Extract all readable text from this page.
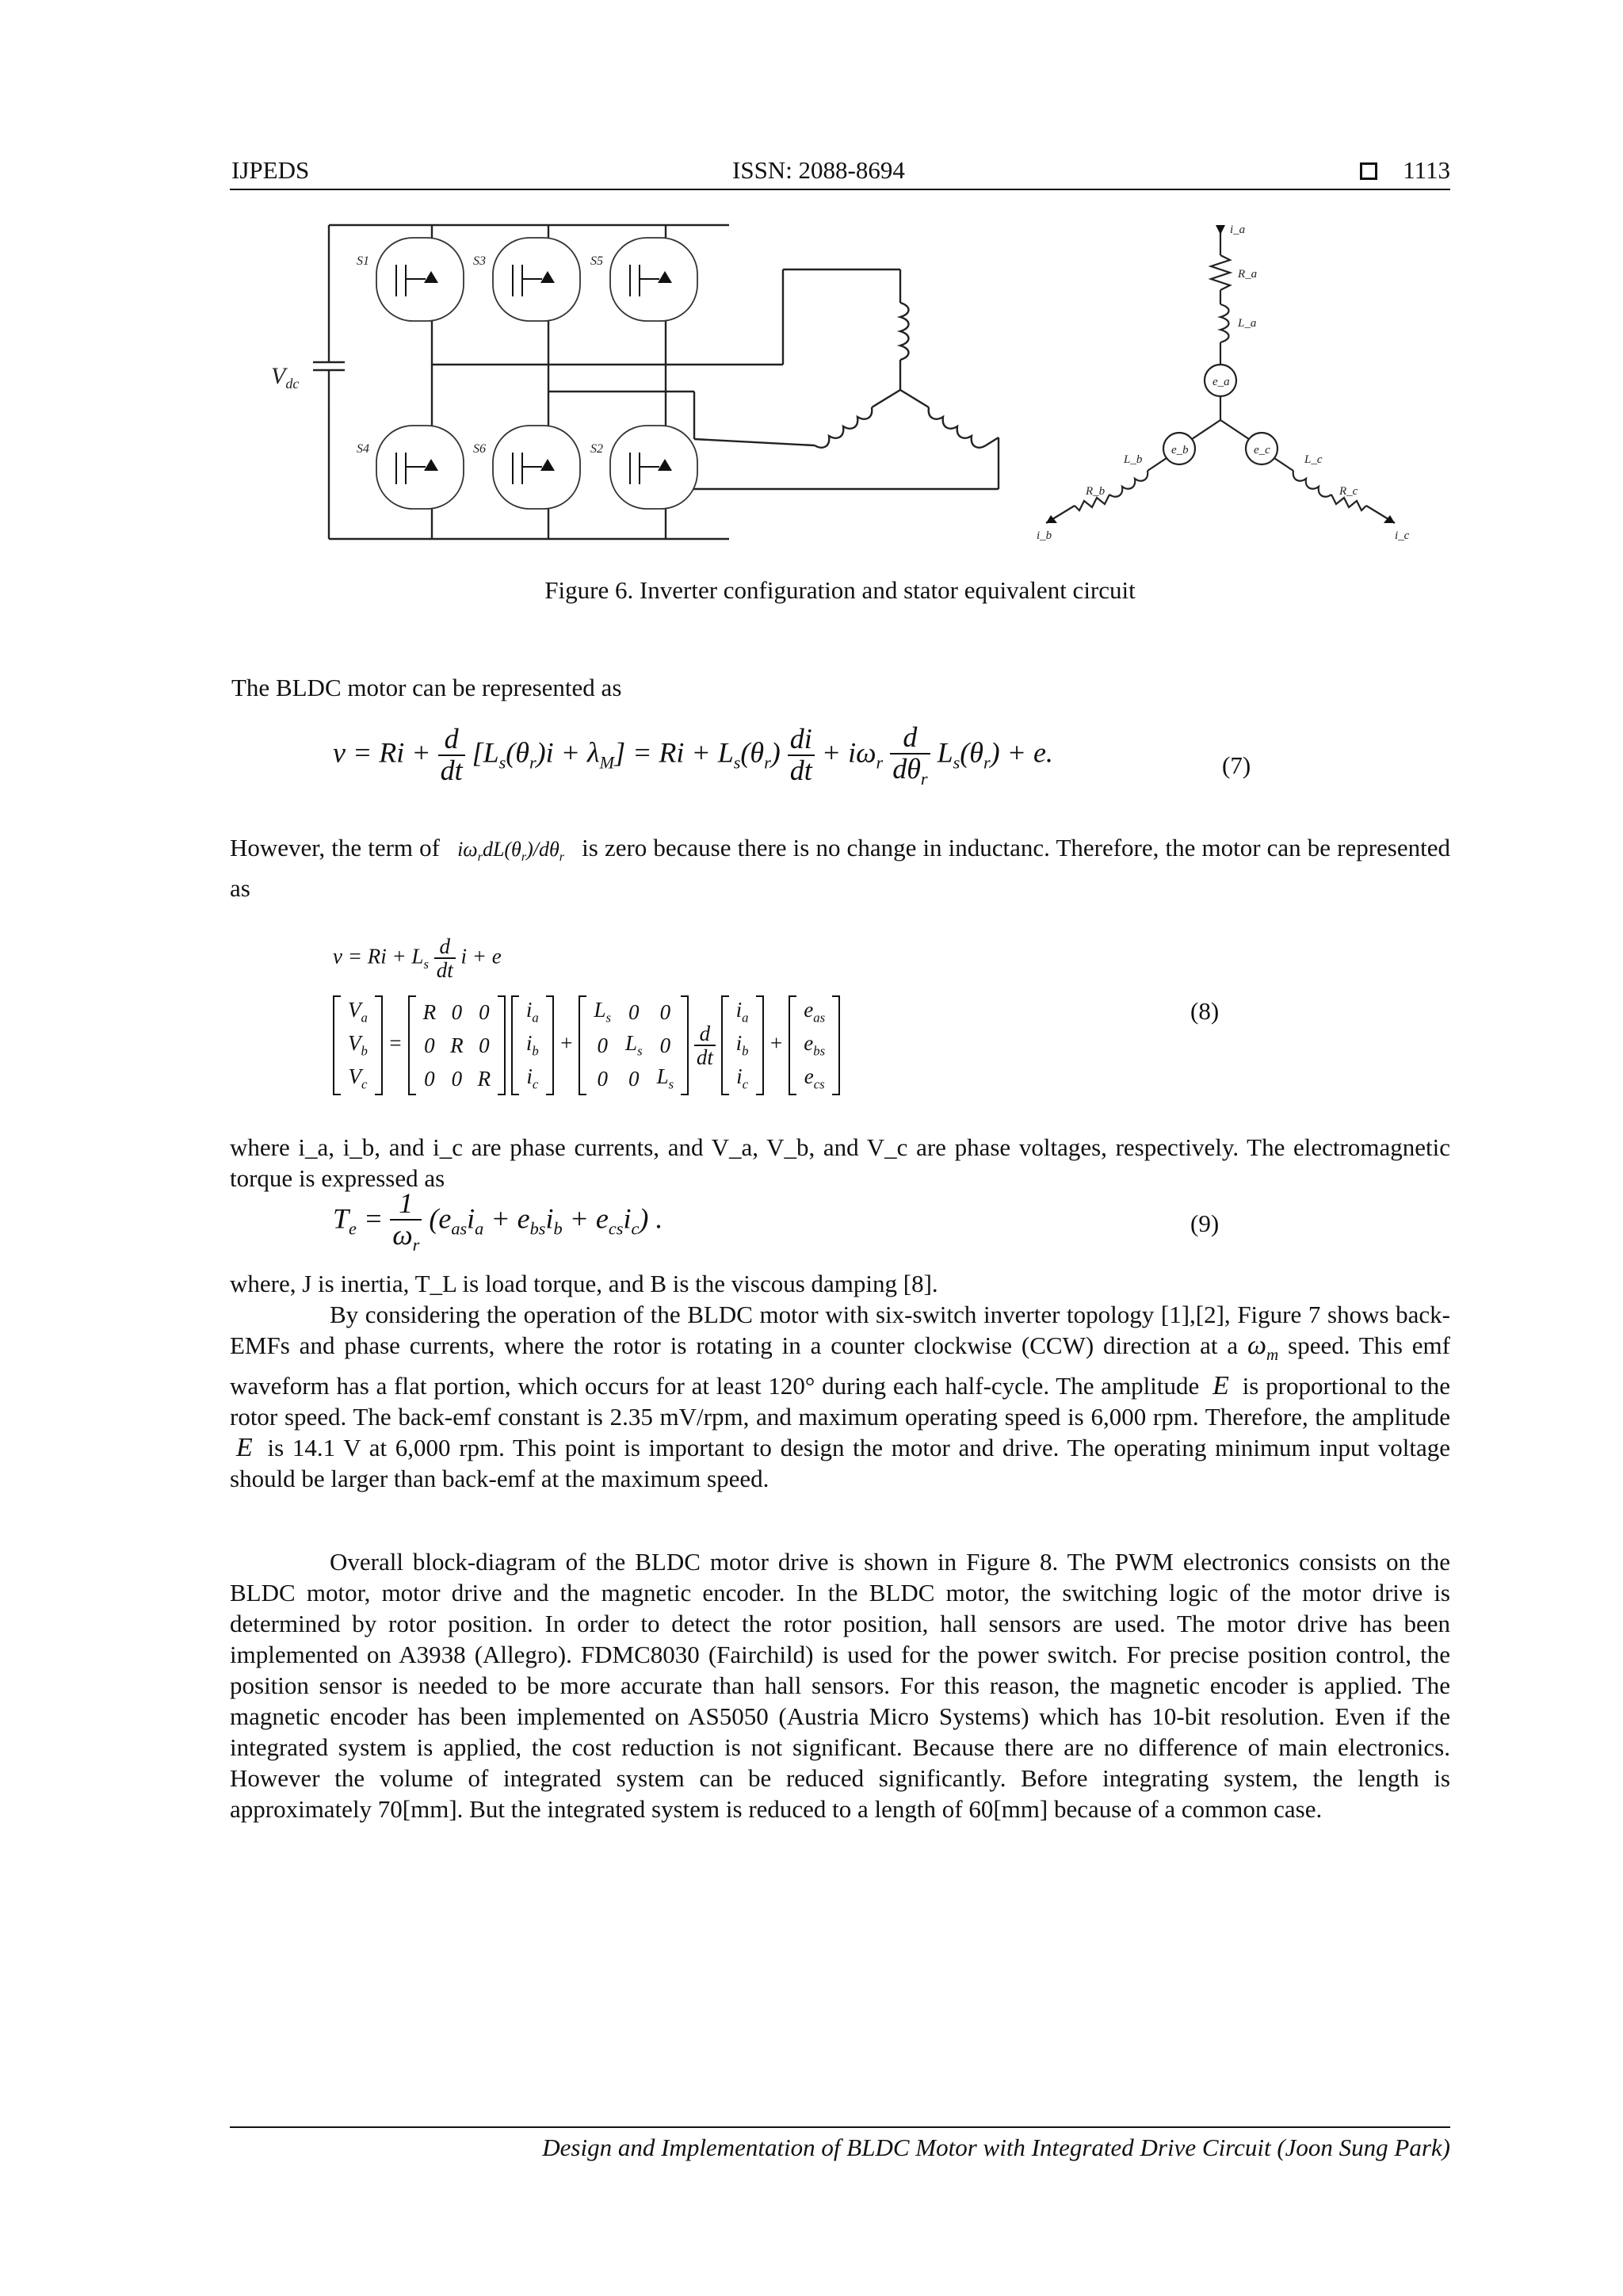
IJPEDS	ISSN: 2088-8694	1113
$V_{dc}$
S1	S3	S5
S4	S6	S2
i_a
R_a
L_a
e_a
e_b	e_c
L_b	L_c
R_b	R_c
i_b	i_c
Figure 6. Inverter configuration and stator equivalent circuit
The BLDC motor can be represented as
$v = Ri + \frac{d}{dt} [L_s(\theta_r)i + \lambda_M] = Ri + L_s(\theta_r) \frac{di}{dt} + i\omega_r \frac{d}{d\theta_r} L_s(\theta_r) + e$.	(7)
However, the term of $i\omega_rdL(\theta_r)/d\theta_r$ is zero because there is no change in inductanc. Therefore, the motor can be represented as
$v = Ri + L_s \frac{d}{dt}$ i + e
$V_a$
$V_b$
$V_c$
=
R	0	0
0	R	0
0	0	R

$i_a$
$i_b$
$i_c$
+
$L_s$	0	0
0	$L_s$	0
0	0	$L_s$

$\frac{d}{dt}$

$i_a$
$i_b$
$i_c$
+
$e_{as}$
$e_{bs}$
$e_{cs}$
(8)
where i_a, i_b, and i_c are phase currents, and V_a, V_b, and V_c are phase voltages, respectively. The electromagnetic torque is expressed as
$T_e = \frac{1}{\omega_r} (e_{as}i_a + e_{bs}i_b + e_{cs}i_c)$ .	(9)
where, J is inertia, T_L is load torque, and B is the viscous damping [8].
By considering the operation of the BLDC motor with six-switch inverter topology [1],[2], Figure 7 shows back-EMFs and phase currents, where the rotor is rotating in a counter clockwise (CCW) direction at a $\omega_m$ speed. This emf waveform has a flat portion, which occurs for at least 120° during each half-cycle. The amplitude E is proportional to the rotor speed. The back-emf constant is 2.35 mV/rpm, and maximum operating speed is 6,000 rpm. Therefore, the amplitude E is 14.1 V at 6,000 rpm. This point is important to design the motor and drive. The operating minimum input voltage should be larger than back-emf at the maximum speed.
Overall block-diagram of the BLDC motor drive is shown in Figure 8. The PWM electronics consists on the BLDC motor, motor drive and the magnetic encoder. In the BLDC motor, the switching logic of the motor drive is determined by rotor position. In order to detect the rotor position, hall sensors are used. The motor drive has been implemented on A3938 (Allegro). FDMC8030 (Fairchild) is used for the power switch. For precise position control, the position sensor is needed to be more accurate than hall sensors. For this reason, the magnetic encoder is applied. The magnetic encoder has been implemented on AS5050 (Austria Micro Systems) which has 10-bit resolution. Even if the integrated system is applied, the cost reduction is not significant. Because there are no difference of main electronics. However the volume of integrated system can be reduced significantly. Before integrating system, the length is approximately 70[mm]. But the integrated system is reduced to a length of 60[mm] because of a common case.
Design and Implementation of BLDC Motor with Integrated Drive Circuit (Joon Sung Park)
